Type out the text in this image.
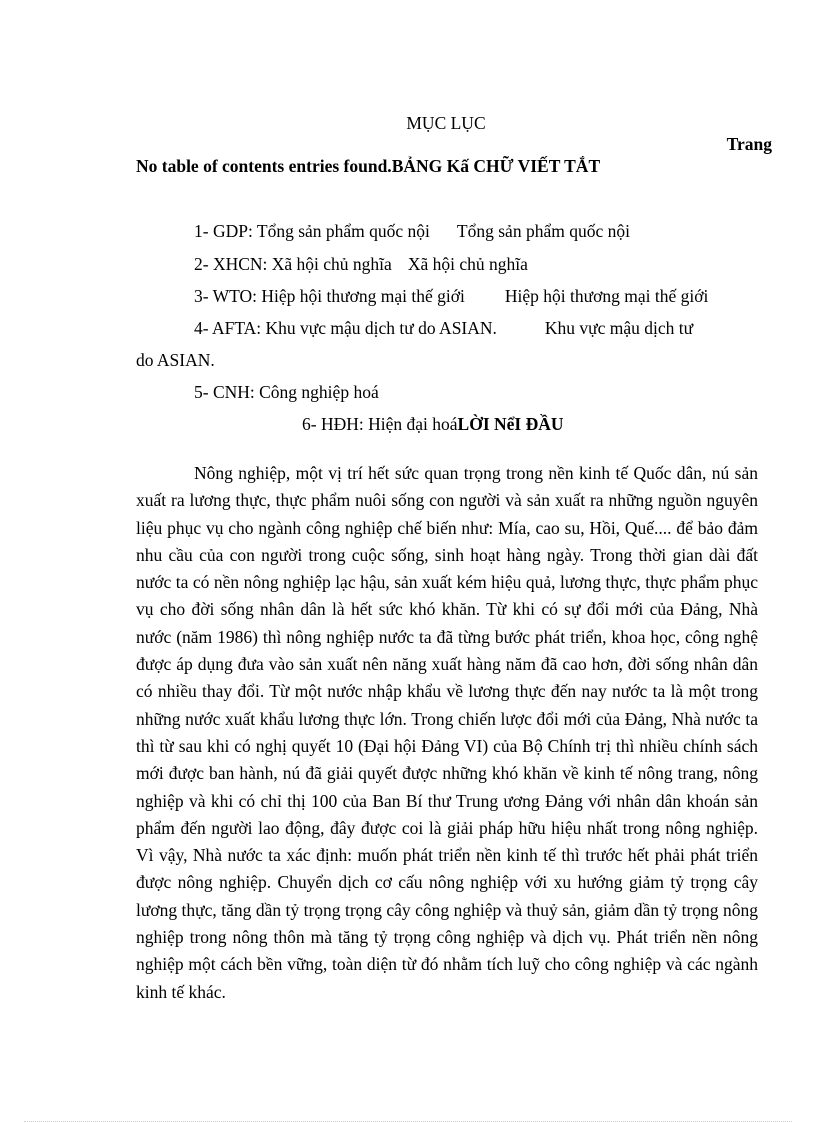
MỤC LỤC
Trang
No table of contents entries found.BẢNG Kấ CHỮ VIẾT TẮT
1- GDP: Tổng sản phẩm quốc nội Tổng sản phẩm quốc nội
2- XHCN: Xã hội chủ nghĩa Xã hội chủ nghĩa
3- WTO: Hiệp hội thương mại thế giới Hiệp hội thương mại thế giới
4- AFTA: Khu vực mậu dịch tư do ASIAN.	Khu vực mậu dịch tư
do ASIAN.
5- CNH: Công nghiệp hoá
6- HĐH: Hiện đại hoáLỜI NểI ĐẦU
Nông nghiệp, một vị trí hết sức quan trọng trong nền kinh tế Quốc dân, nú sản xuất ra lương thực, thực phẩm nuôi sống con người và sản xuất ra những nguồn nguyên liệu phục vụ cho ngành công nghiệp chế biến như: Mía, cao su, Hồi, Quế.... để bảo đảm nhu cầu của con người trong cuộc sống, sinh hoạt hàng ngày. Trong thời gian dài đất nước ta có nền nông nghiệp lạc hậu, sản xuất kém hiệu quả, lương thực, thực phẩm phục vụ cho đời sống nhân dân là hết sức khó khăn. Từ khi có sự đổi mới của Đảng, Nhà nước (năm 1986) thì nông nghiệp nước ta đã từng bước phát triển, khoa học, công nghệ được áp dụng đưa vào sản xuất nên năng xuất hàng năm đã cao hơn, đời sống nhân dân có nhiều thay đổi. Từ một nước nhập khẩu về lương thực đến nay nước ta là một trong những nước xuất khẩu lương thực lớn. Trong chiến lược đổi mới của Đảng, Nhà nước ta thì từ sau khi có nghị quyết 10 (Đại hội Đảng VI) của Bộ Chính trị thì nhiều chính sách mới được ban hành, nú đã giải quyết được những khó khăn về kinh tế nông trang, nông nghiệp và khi có chỉ thị 100 của Ban Bí thư Trung ương Đảng với nhân dân khoán sản phẩm đến người lao động, đây được coi là giải pháp hữu hiệu nhất trong nông nghiệp. Vì vậy, Nhà nước ta xác định: muốn phát triển nền kinh tế thì trước hết phải phát triển được nông nghiệp. Chuyển dịch cơ cấu nông nghiệp với xu hướng giảm tỷ trọng cây lương thực, tăng dần tỷ trọng trọng cây công nghiệp và thuỷ sản, giảm dần tỷ trọng nông nghiệp trong nông thôn mà tăng tỷ trọng công nghiệp và dịch vụ. Phát triển nền nông nghiệp một cách bền vững, toàn diện từ đó nhằm tích luỹ cho công nghiệp và các ngành kinh tế khác.
